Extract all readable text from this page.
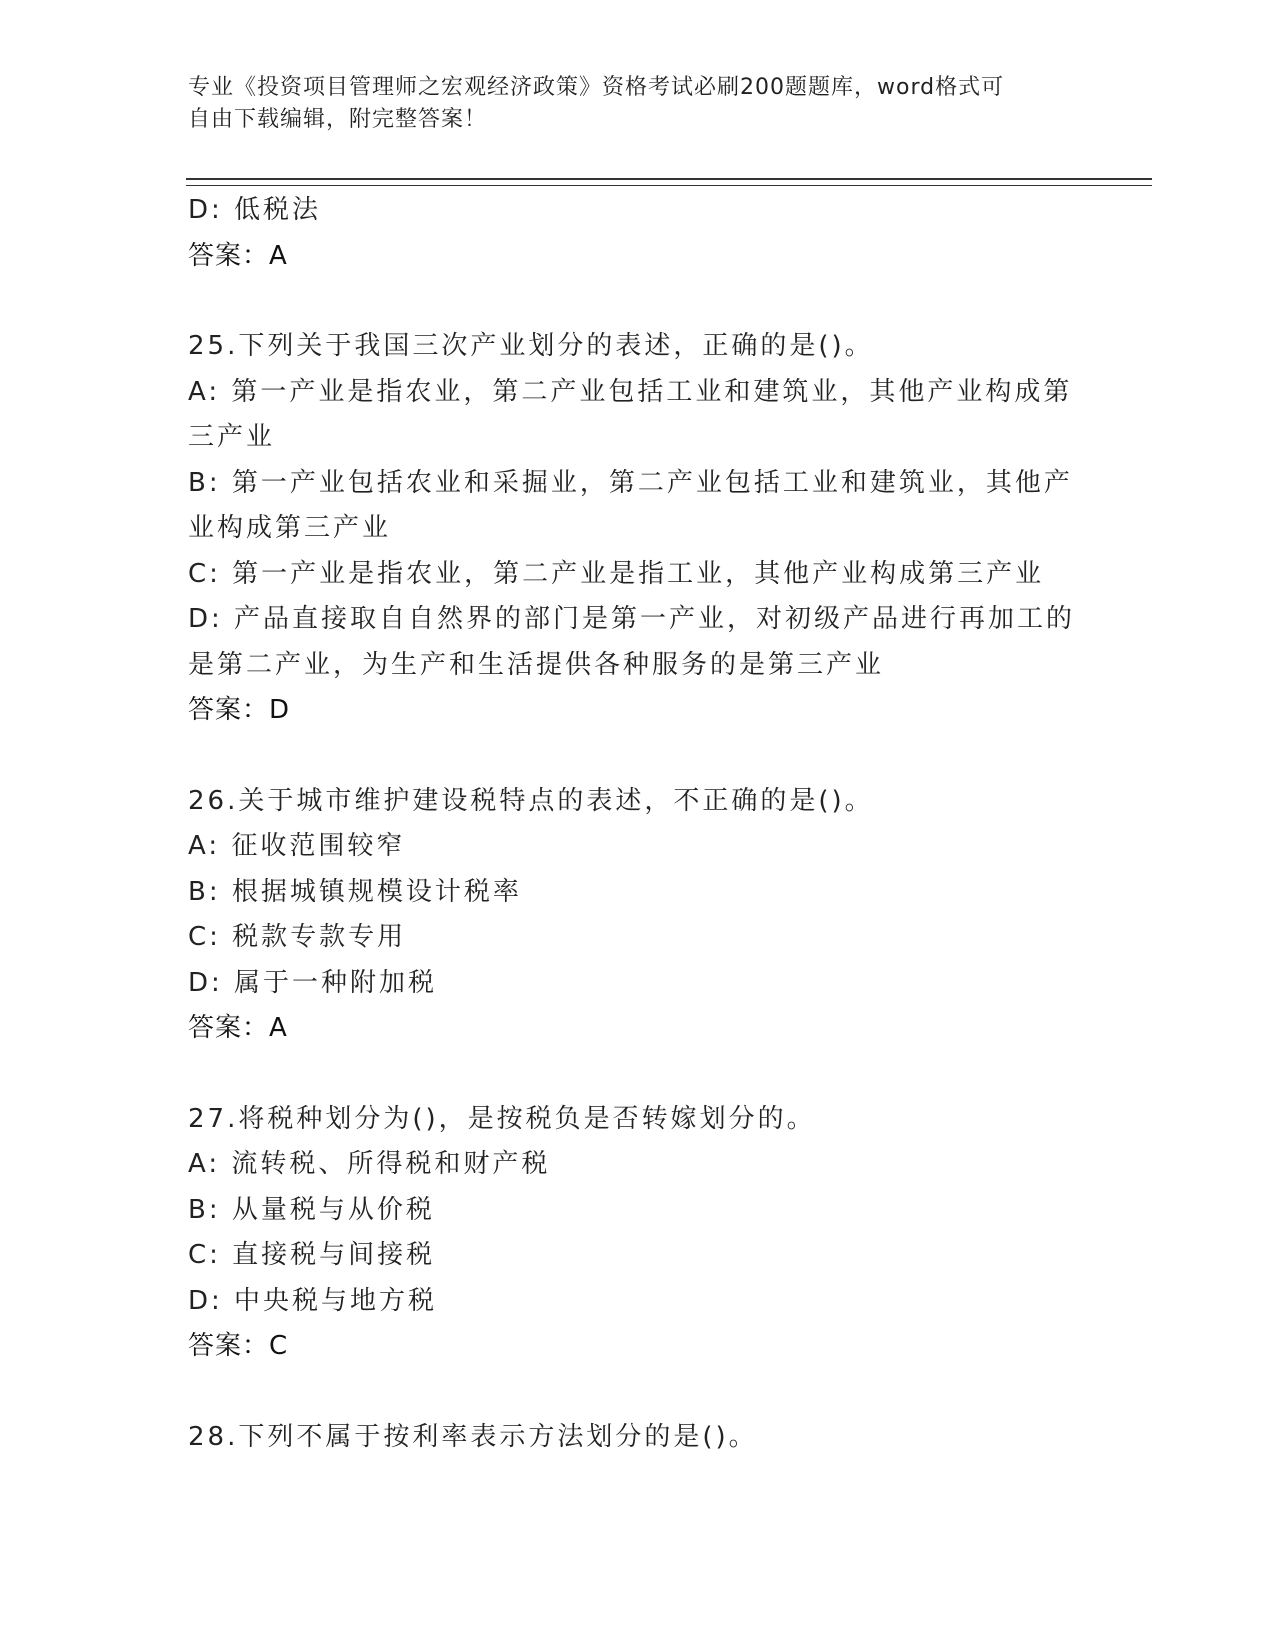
专业《投资项目管理师之宏观经济政策》资格考试必刷200题题库，word格式可
自由下载编辑，附完整答案！
D: 低税法
答案：A
25.下列关于我国三次产业划分的表述，正确的是()。
A: 第一产业是指农业，第二产业包括工业和建筑业，其他产业构成第
三产业
B: 第一产业包括农业和采掘业，第二产业包括工业和建筑业，其他产
业构成第三产业
C: 第一产业是指农业，第二产业是指工业，其他产业构成第三产业
D: 产品直接取自自然界的部门是第一产业，对初级产品进行再加工的
是第二产业，为生产和生活提供各种服务的是第三产业
答案：D
26.关于城市维护建设税特点的表述，不正确的是()。
A: 征收范围较窄
B: 根据城镇规模设计税率
C: 税款专款专用
D: 属于一种附加税
答案：A
27.将税种划分为()，是按税负是否转嫁划分的。
A: 流转税、所得税和财产税
B: 从量税与从价税
C: 直接税与间接税
D: 中央税与地方税
答案：C
28.下列不属于按利率表示方法划分的是()。
